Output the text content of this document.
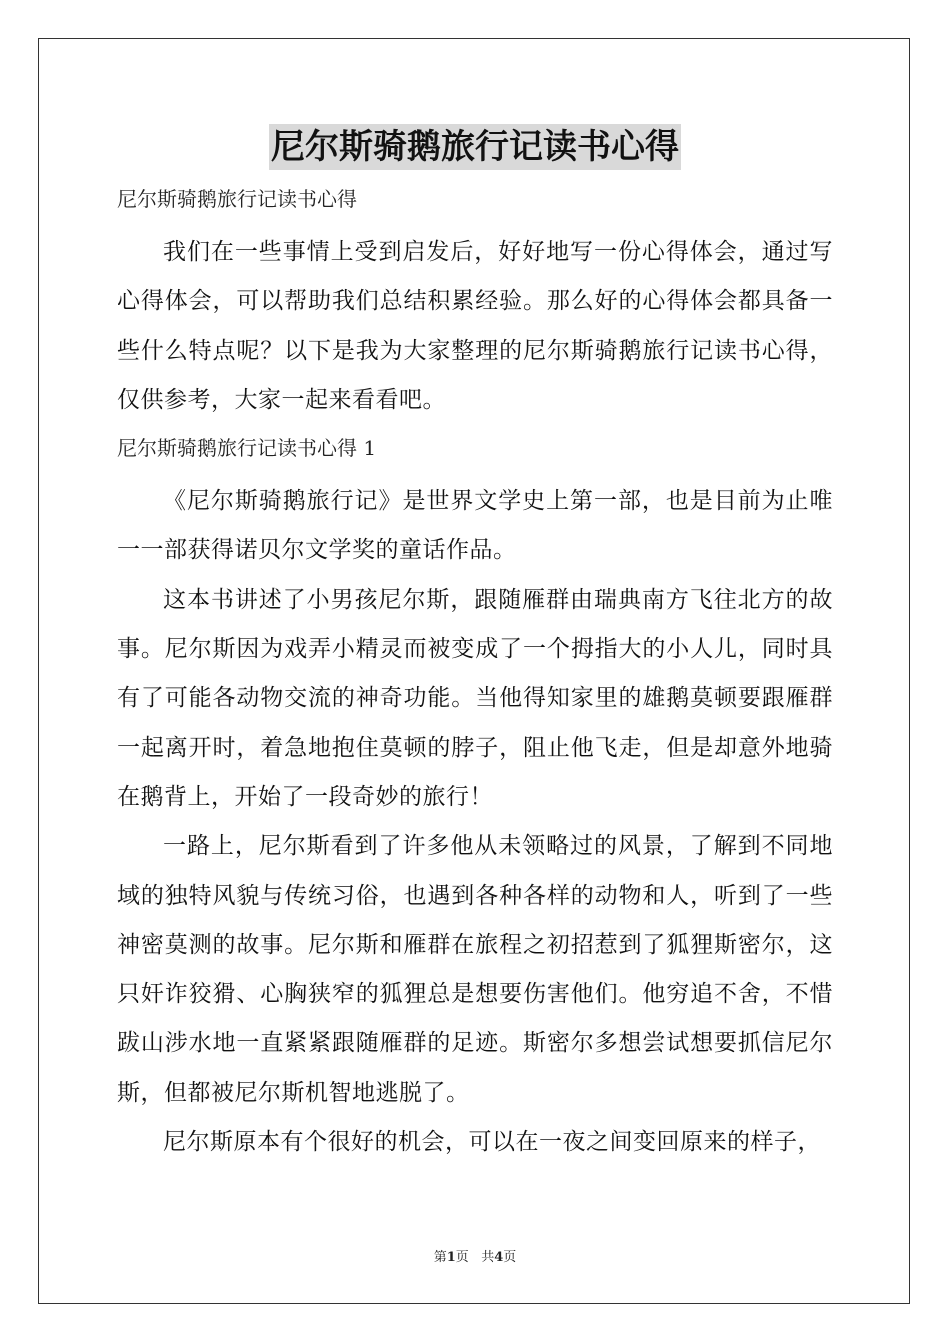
尼尔斯骑鹅旅行记读书心得
尼尔斯骑鹅旅行记读书心得

我们在一些事情上受到启发后，好好地写一份心得体会，通过写心得体会，可以帮助我们总结积累经验。那么好的心得体会都具备一些什么特点呢？以下是我为大家整理的尼尔斯骑鹅旅行记读书心得，仅供参考，大家一起来看看吧。

尼尔斯骑鹅旅行记读书心得 1

《尼尔斯骑鹅旅行记》是世界文学史上第一部，也是目前为止唯一一部获得诺贝尔文学奖的童话作品。

这本书讲述了小男孩尼尔斯，跟随雁群由瑞典南方飞往北方的故事。尼尔斯因为戏弄小精灵而被变成了一个拇指大的小人儿，同时具有了可能各动物交流的神奇功能。当他得知家里的雄鹅莫顿要跟雁群一起离开时，着急地抱住莫顿的脖子，阻止他飞走，但是却意外地骑在鹅背上，开始了一段奇妙的旅行！

一路上，尼尔斯看到了许多他从未领略过的风景，了解到不同地域的独特风貌与传统习俗，也遇到各种各样的动物和人，听到了一些神密莫测的故事。尼尔斯和雁群在旅程之初招惹到了狐狸斯密尔，这只奸诈狡猾、心胸狭窄的狐狸总是想要伤害他们。他穷追不舍，不惜跋山涉水地一直紧紧跟随雁群的足迹。斯密尔多想尝试想要抓信尼尔斯，但都被尼尔斯机智地逃脱了。

尼尔斯原本有个很好的机会，可以在一夜之间变回原来的样子，

第1页 共4页
